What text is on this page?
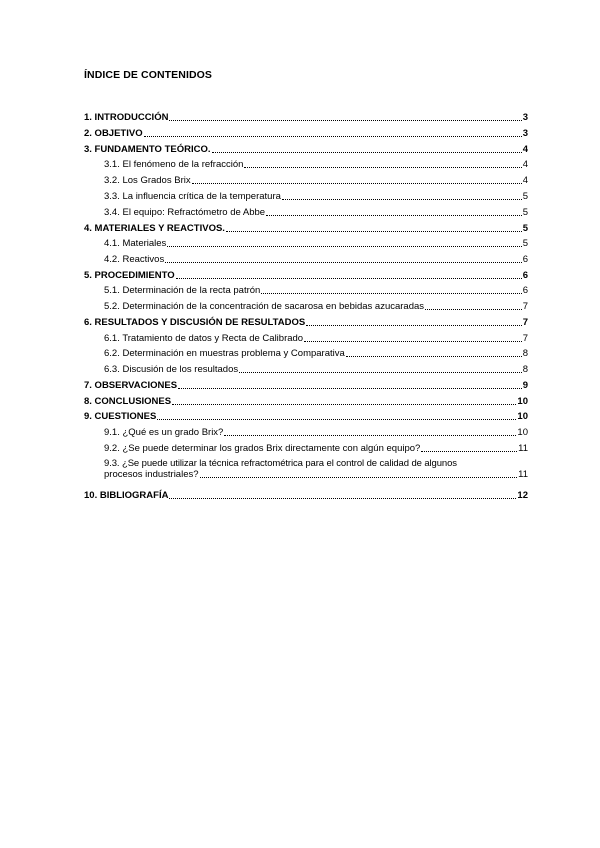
ÍNDICE DE CONTENIDOS
1. INTRODUCCIÓN	3
2. OBJETIVO	3
3. FUNDAMENTO TEÓRICO.	4
3.1. El fenómeno de la refracción	4
3.2. Los Grados Brix	4
3.3. La influencia crítica de la temperatura	5
3.4. El equipo: Refractómetro de Abbe	5
4. MATERIALES Y REACTIVOS.	5
4.1. Materiales	5
4.2. Reactivos	6
5. PROCEDIMIENTO	6
5.1. Determinación de la recta patrón	6
5.2. Determinación de la concentración de sacarosa en bebidas azucaradas	7
6. RESULTADOS Y DISCUSIÓN DE RESULTADOS	7
6.1. Tratamiento de datos y Recta de Calibrado	7
6.2. Determinación en muestras problema y Comparativa	8
6.3. Discusión de los resultados	8
7. OBSERVACIONES	9
8. CONCLUSIONES	10
9. CUESTIONES	10
9.1. ¿Qué es un grado Brix?	10
9.2. ¿Se puede determinar los grados Brix directamente con algún equipo?	11
9.3. ¿Se puede utilizar la técnica refractométrica para el control de calidad de algunos
procesos industriales?	11
10. BIBLIOGRAFÍA	12
